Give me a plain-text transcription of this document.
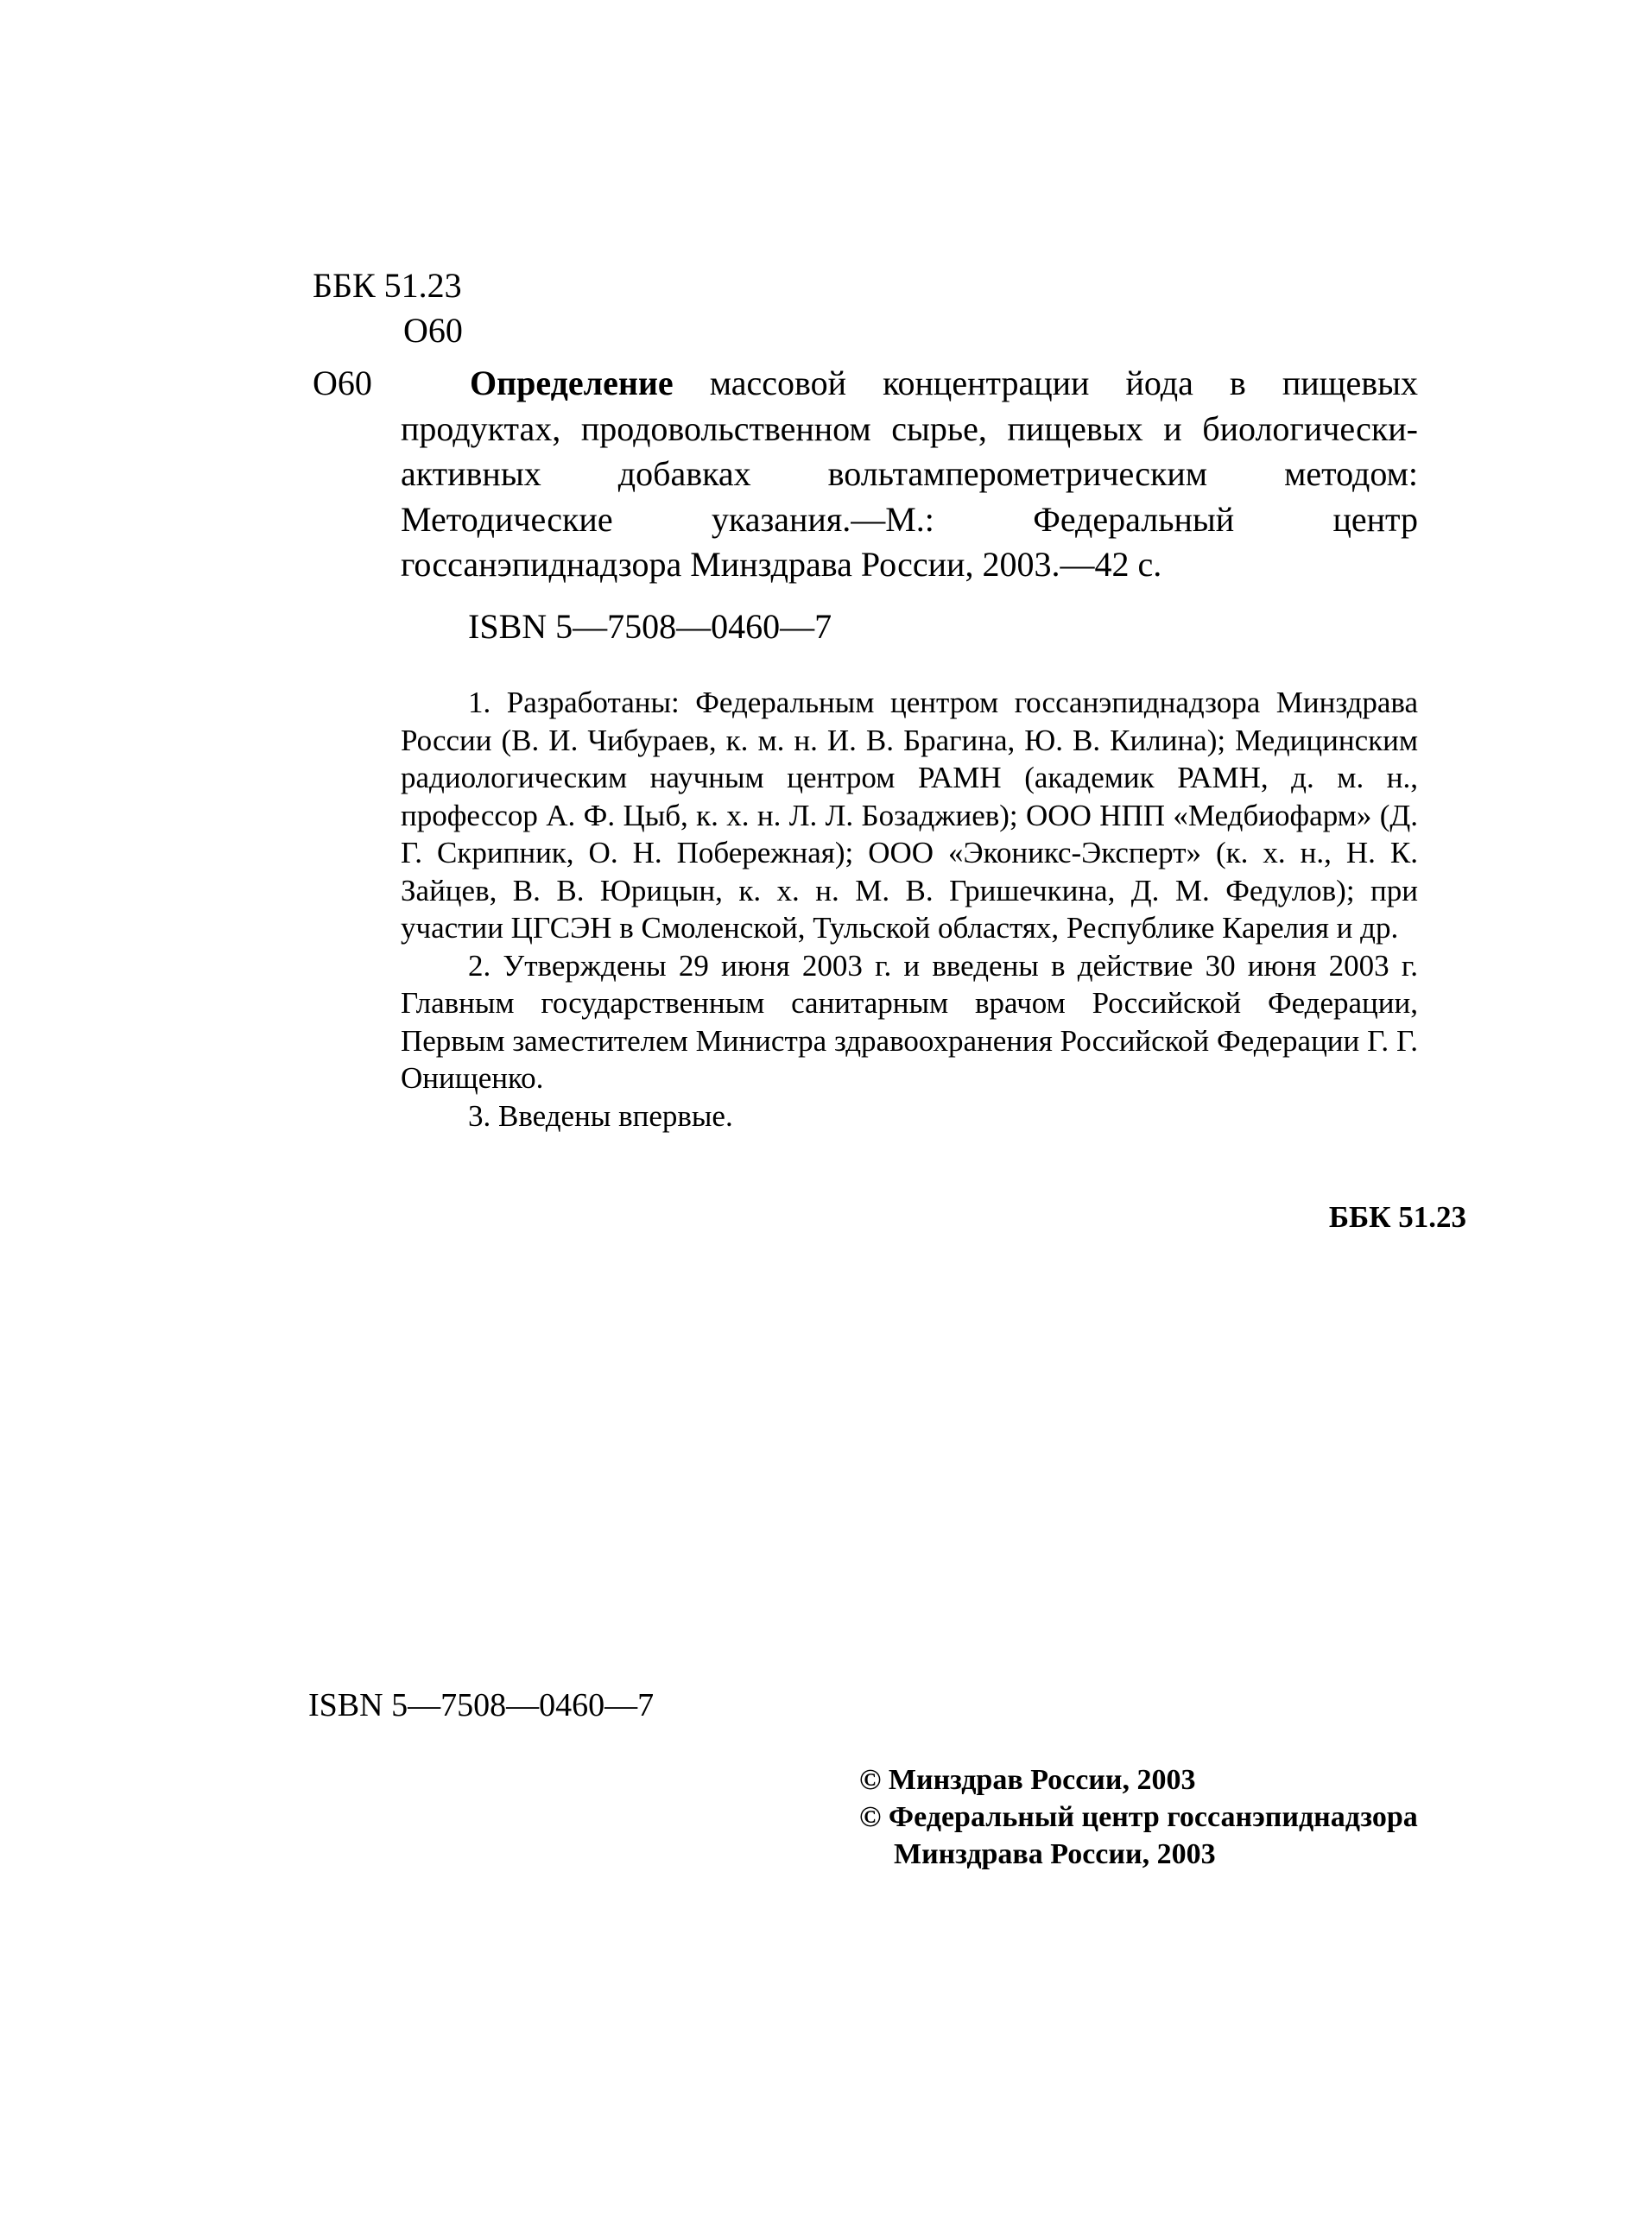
ББК 51.23
О60
О60	Определение массовой концентрации йода в пищевых продуктах, продовольственном сырье, пищевых и биологически-активных добавках вольтамперометрическим методом: Методические указания.—М.: Федеральный центр госсанэпиднадзора Минздрава России, 2003.—42 с.
ISBN 5—7508—0460—7

1. Разработаны: Федеральным центром госсанэпиднадзора Минздрава России (В. И. Чибураев, к. м. н. И. В. Брагина, Ю. В. Килина); Медицинским радиологическим научным центром РАМН (академик РАМН, д. м. н., профессор А. Ф. Цыб, к. х. н. Л. Л. Бозаджиев); ООО НПП «Медбиофарм» (Д. Г. Скрипник, О. Н. Побережная); ООО «Эконикс-Эксперт» (к. х. н., Н. К. Зайцев, В. В. Юрицын, к. х. н. М. В. Гришечкина, Д. М. Федулов); при участии ЦГСЭН в Смоленской, Тульской областях, Республике Карелия и др.

2. Утверждены 29 июня 2003 г. и введены в действие 30 июня 2003 г. Главным государственным санитарным врачом Российской Федерации, Первым заместителем Министра здравоохранения Российской Федерации Г. Г. Онищенко.

3. Введены впервые.

ББК 51.23
ISBN 5—7508—0460—7
© Минздрав России, 2003
© Федеральный центр госсанэпиднадзора
Минздрава России, 2003
